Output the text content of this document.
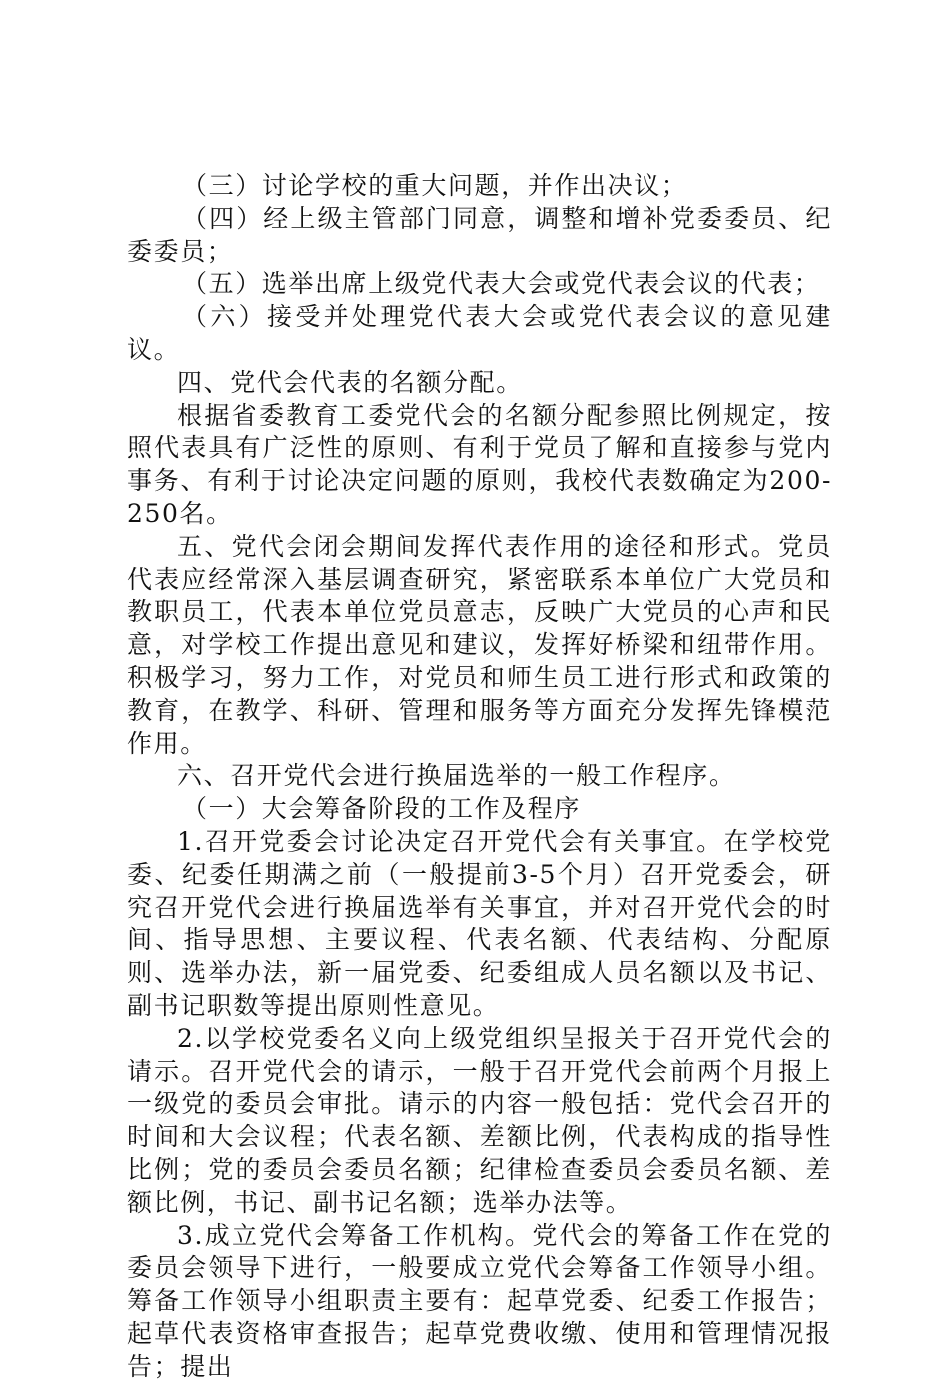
（三）讨论学校的重大问题，并作出决议；

（四）经上级主管部门同意，调整和增补党委委员、纪委委员；

（五）选举出席上级党代表大会或党代表会议的代表；

（六）接受并处理党代表大会或党代表会议的意见建议。

四、党代会代表的名额分配。

根据省委教育工委党代会的名额分配参照比例规定，按照代表具有广泛性的原则、有利于党员了解和直接参与党内事务、有利于讨论决定问题的原则，我校代表数确定为200-250名。

五、党代会闭会期间发挥代表作用的途径和形式。党员代表应经常深入基层调查研究，紧密联系本单位广大党员和教职员工，代表本单位党员意志，反映广大党员的心声和民意，对学校工作提出意见和建议，发挥好桥梁和纽带作用。积极学习，努力工作，对党员和师生员工进行形式和政策的教育，在教学、科研、管理和服务等方面充分发挥先锋模范作用。

六、召开党代会进行换届选举的一般工作程序。

（一）大会筹备阶段的工作及程序

1.召开党委会讨论决定召开党代会有关事宜。在学校党委、纪委任期满之前（一般提前3-5个月）召开党委会，研究召开党代会进行换届选举有关事宜，并对召开党代会的时间、指导思想、主要议程、代表名额、代表结构、分配原则、选举办法，新一届党委、纪委组成人员名额以及书记、副书记职数等提出原则性意见。

2.以学校党委名义向上级党组织呈报关于召开党代会的请示。召开党代会的请示，一般于召开党代会前两个月报上一级党的委员会审批。请示的内容一般包括：党代会召开的时间和大会议程；代表名额、差额比例，代表构成的指导性比例；党的委员会委员名额；纪律检查委员会委员名额、差额比例，书记、副书记名额；选举办法等。

3.成立党代会筹备工作机构。党代会的筹备工作在党的委员会领导下进行，一般要成立党代会筹备工作领导小组。筹备工作领导小组职责主要有：起草党委、纪委工作报告；起草代表资格审查报告；起草党费收缴、使用和管理情况报告；提出
